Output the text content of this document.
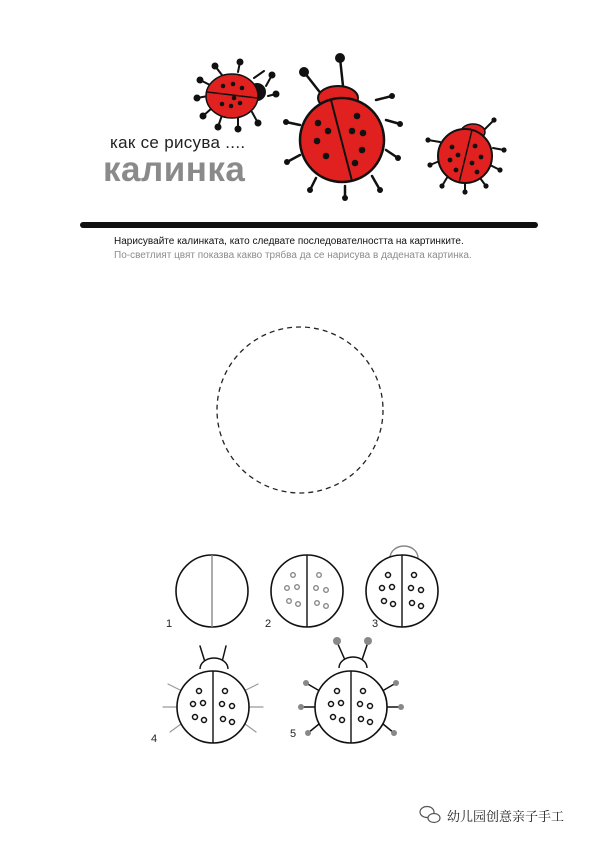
как се рисува ....
калинка
Нарисувайте калинката, като следвате последователността на картинките.
По-светлият цвят показва какво трябва да се нарисува в дадената картинка.
1	2	3
4	5
幼儿园创意亲子手工
